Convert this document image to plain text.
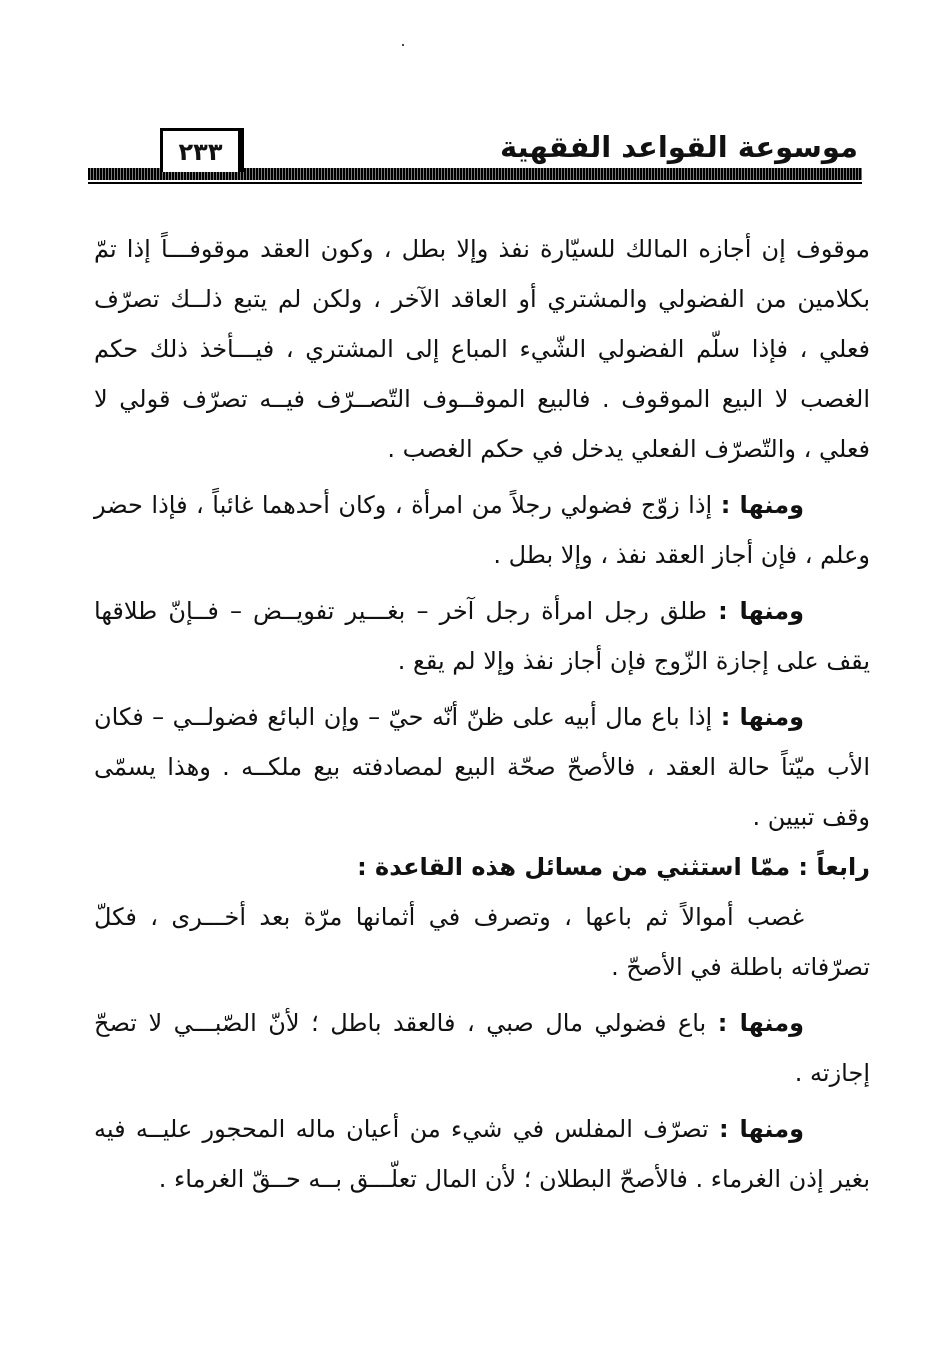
٢٣٣	موسوعة القواعد الفقهية

موقوف إن أجازه المالك للسيّارة نفذ وإلا بطل ، وكون العقد موقوفـــاً إذا تمّ بكلامين من الفضولي والمشتري أو العاقد الآخر ، ولكن لم يتبع ذلــك تصرّف فعلي ، فإذا سلّم الفضولي الشّيء المباع إلى المشتري ، فيـــأخذ ذلك حكم الغصب لا البيع الموقوف . فالبيع الموقــوف التّصــرّف فيــه تصرّف قولي لا فعلي ، والتّصرّف الفعلي يدخل في حكم الغصب .

ومنها : إذا زوّج فضولي رجلاً من امرأة ، وكان أحدهما غائباً ، فإذا حضر وعلم ، فإن أجاز العقد نفذ ، وإلا بطل .

ومنها : طلق رجل امرأة رجل آخر – بغـــير تفويــض – فــإنّ طلاقها يقف على إجازة الزّوج فإن أجاز نفذ وإلا لم يقع .

ومنها : إذا باع مال أبيه على ظنّ أنّه حيّ – وإن البائع فضولــي – فكان الأب ميّتاً حالة العقد ، فالأصحّ صحّة البيع لمصادفته بيع ملكــه . وهذا يسمّى وقف تبيين .

رابعاً : ممّا استثني من مسائل هذه القاعدة :

غصب أموالاً ثم باعها ، وتصرف في أثمانها مرّة بعد أخـــرى ، فكلّ تصرّفاته باطلة في الأصحّ .

ومنها : باع فضولي مال صبي ، فالعقد باطل ؛ لأنّ الصّبـــي لا تصحّ إجازته .

ومنها : تصرّف المفلس في شيء من أعيان ماله المحجور عليــه فيه بغير إذن الغرماء . فالأصحّ البطلان ؛ لأن المال تعلّـــق بــه حــقّ الغرماء .
